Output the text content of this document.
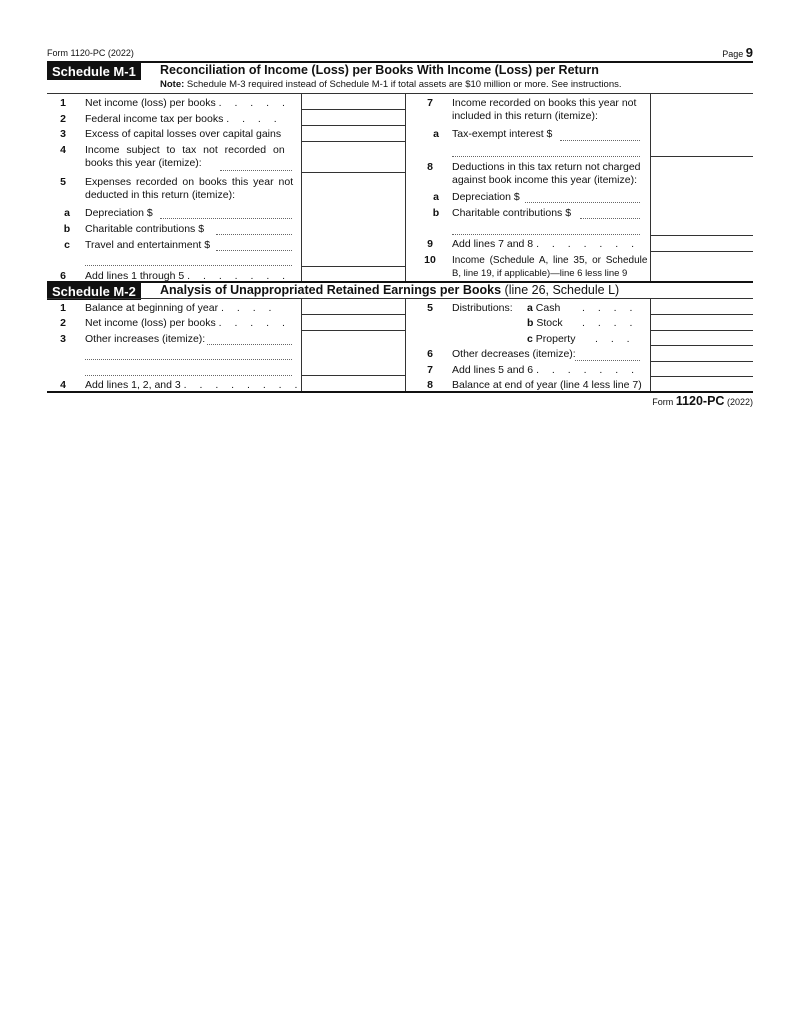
Form 1120-PC (2022)	Page 9
Schedule M-1	Reconciliation of Income (Loss) per Books With Income (Loss) per Return
Note: Schedule M-3 required instead of Schedule M-1 if total assets are $10 million or more. See instructions.
1	Net income (loss) per books . . . . .
2	Federal income tax per books . . . .
3	Excess of capital losses over capital gains
4	Income subject to tax not recorded on
books this year (itemize):
5	Expenses recorded on books this year not
deducted in this return (itemize):
a	Depreciation $
b	Charitable contributions $
c	Travel and entertainment $
6	Add lines 1 through 5 . . . . . . .
7	Income recorded on books this year not
included in this return (itemize):
a	Tax-exempt interest $
8	Deductions in this tax return not charged
against book income this year (itemize):
a	Depreciation $
b	Charitable contributions $
9	Add lines 7 and 8 . . . . . . .
10	Income (Schedule A, line 35, or Schedule
B, line 19, if applicable)—line 6 less line 9
Schedule M-2	Analysis of Unappropriated Retained Earnings per Books (line 26, Schedule L)
1	Balance at beginning of year . . . .
2	Net income (loss) per books . . . . .
3	Other increases (itemize):
4	Add lines 1, 2, and 3 . . . . . . . .
5	Distributions: a Cash . . . .
b Stock . . . .
c Property . . .
6	Other decreases (itemize):
7	Add lines 5 and 6 . . . . . . .
8	Balance at end of year (line 4 less line 7)
Form 1120-PC (2022)
